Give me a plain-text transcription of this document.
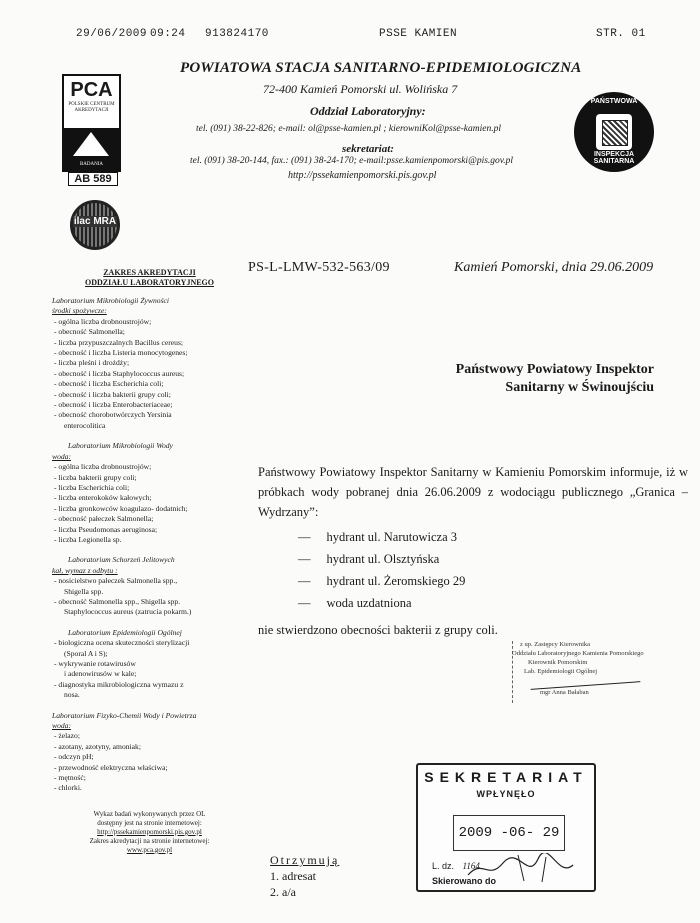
29/06/2009 09:24 913824170	PSSE KAMIEN	STR. 01
PCA
POLSKIE CENTRUM AKREDYTACJI
BADANIA
AB 589
ilac MRA
PAŃSTWOWA
INSPEKCJA SANITARNA
POWIATOWA STACJA SANITARNO-EPIDEMIOLOGICZNA
72-400 Kamień Pomorski ul. Wolińska 7
Oddział Laboratoryjny:
tel. (091) 38-22-826; e-mail: ol@psse-kamien.pl ; kierowniKol@psse-kamien.pl
sekretariat:
tel. (091) 38-20-144, fax.: (091) 38-24-170; e-mail:psse.kamienpomorski@pis.gov.pl
http://pssekamienpomorski.pis.gov.pl
ZAKRES AKREDYTACJI
ODDZIAŁU LABORATORYJNEGO
Laboratorium Mikrobiologii Żywności
środki spożywcze:
- ogólna liczba drobnoustrojów;
- obecność Salmonella;
- liczba przypuszczalnych Bacillus cereus;
- obecność i liczba Listeria monocytogenes;
- liczba pleśni i drożdży;
- obecność i liczba Staphylococcus aureus;
- obecność i liczba Escherichia coli;
- obecność i liczba bakterii grupy coli;
- obecność i liczba Enterobacteriaceae;
- obecność chorobotwórczych Yersinia
enterocolitica
Laboratorium Mikrobiologii Wody
woda:
- ogólna liczba drobnoustrojów;
- liczba bakterii grupy coli;
- liczba Escherichia coli;
- liczba enterokoków kałowych;
- liczba gronkowców koagulazo- dodatnich;
- obecność pałeczek Salmonella;
- liczba Pseudomonas aeruginosa;
- liczba Legionella sp.
Laboratorium Schorzeń Jelitowych
kał, wymaz z odbytu :
- nosicielstwo pałeczek Salmonella spp.,
Shigella spp.
- obecność Salmonella spp., Shigella spp.
Staphylococcus aureus (zatrucia pokarm.)
Laboratorium Epidemiologii Ogólnej
- biologiczna ocena skuteczności sterylizacji
(Sporal A i S);
- wykrywanie rotawirusów
i adenowirusów w kale;
- diagnostyka mikrobiologiczna wymazu z
nosa.
Laboratorium Fizyko-Chemii Wody i Powietrza
woda:
- żelazo;
- azotany, azotyny, amoniak;
- odczyn pH;
- przewodność elektryczna właściwa;
- mętność;
- chlorki.
Wykaz badań wykonywanych przez OL
dostępny jest na stronie internetowej:
http://pssekamienpomorski.pis.gov.pl
Zakres akredytacji na stronie internetowej:
www.pca.gov.pl
PS-L-LMW-532-563/09	Kamień Pomorski, dnia 29.06.2009
Państwowy Powiatowy Inspektor
Sanitarny w Świnoujściu
Państwowy Powiatowy Inspektor Sanitarny w Kamieniu Pomorskim informuje, iż w próbkach wody pobranej dnia 26.06.2009 z wodociągu publicznego „Granica – Wydrzany”:
— hydrant ul. Narutowicza 3
— hydrant ul. Olsztyńska
— hydrant ul. Żeromskiego 29
— woda uzdatniona
nie stwierdzono obecności bakterii z grupy coli.
z up. Zastępcy Kierownika
Oddziału Laboratoryjnego Kamienia Pomorskiego
Kierownik Pomorskim
Lab. Epidemiologii Ogólnej
mgr Anna Bałaban
Otrzymują
1. adresat
2. a/a
SEKRETARIAT
WPŁYNĘŁO
2009 -06- 29
L. dz. 1164
Skierowano do
